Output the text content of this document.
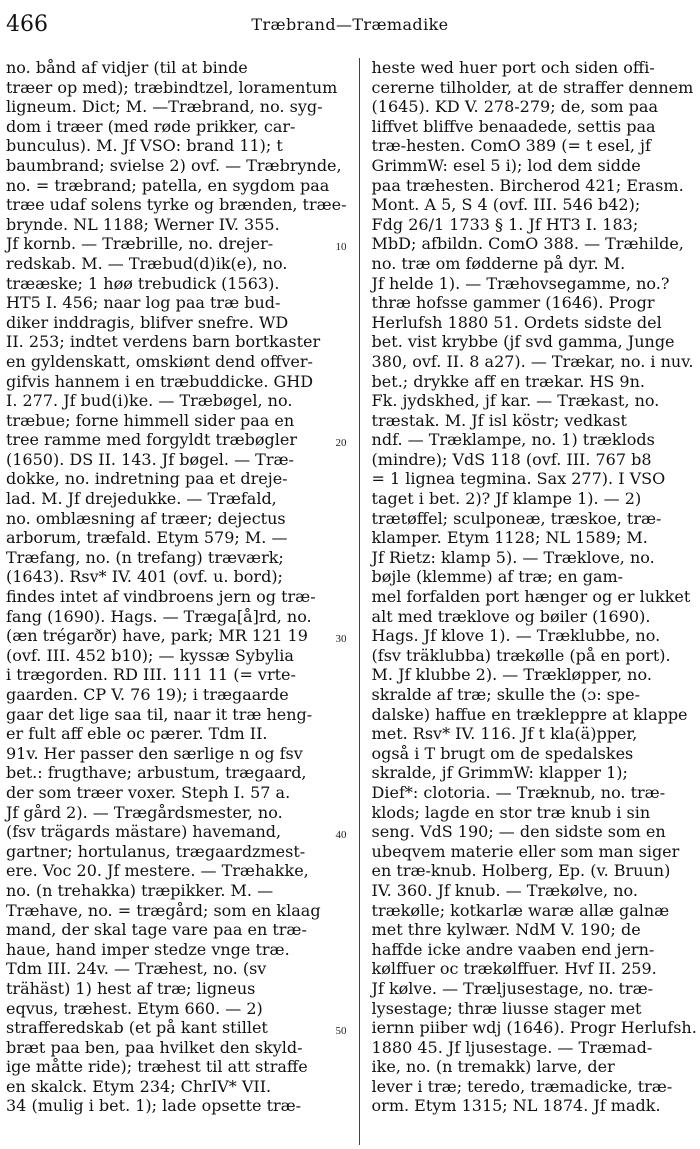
466	Træbrand—Træmadike
no. bånd af vidjer (til at binde
træer op med); træbindtzel, loramentum
ligneum. Dict; M. —Træbrand, no. syg-
dom i træer (med røde prikker, car-
bunculus). M. Jf VSO: brand 11); t
baumbrand; svielse 2) ovf. — Træbrynde,
no. = træbrand; patella, en sygdom paa
træe udaf solens tyrke og brænden, træe-
brynde. NL 1188; Werner IV. 355.
Jf kornb. — Træbrille, no. drejer-
redskab. M. — Træbud(d)ik(e), no.
trææske; 1 høø trebudick (1563).
HT5 I. 456; naar log paa træ bud-
diker inddragis, blifver snefre. WD
II. 253; indtet verdens barn bortkaster
en gyldenskatt, omskiønt dend offver-
gifvis hannem i en træbuddicke. GHD
I. 277. Jf bud(i)ke. — Træbøgel, no.
træbue; forne himmell sider paa en
tree ramme med forgyldt træbøgler
(1650). DS II. 143. Jf bøgel. — Træ-
dokke, no. indretning paa et dreje-
lad. M. Jf drejedukke. — Træfald,
no. omblæsning af træer; dejectus
arborum, træfald. Etym 579; M. —
Træfang, no. (n trefang) træværk;
(1643). Rsv* IV. 401 (ovf. u. bord);
findes intet af vindbroens jern og træ-
fang (1690). Hags. — Træga[å]rd, no.
(æn trégarðr) have, park; MR 121 19
(ovf. III. 452 b10); — kyssæ Sybylia
i trægorden. RD III. 111 11 (= vrte-
gaarden. CP V. 76 19); i trægaarde
gaar det lige saa til, naar it træ heng-
er fult aff eble oc pærer. Tdm II.
91v. Her passer den særlige n og fsv
bet.: frugthave; arbustum, trægaard,
der som træer voxer. Steph I. 57 a.
Jf gård 2). — Trægårdsmester, no.
(fsv trägards mästare) havemand,
gartner; hortulanus, trægaardzmest-
ere. Voc 20. Jf mestere. — Træhakke,
no. (n trehakka) træpikker. M. —
Træhave, no. = trægård; som en klaag
mand, der skal tage vare paa en træ-
haue, hand imper stedze vnge træ.
Tdm III. 24v. — Træhest, no. (sv
trähäst) 1) hest af træ; ligneus
eqvus, træhest. Etym 660. — 2)
strafferedskab (et på kant stillet
bræt paa ben, paa hvilket den skyld-
ige måtte ride); træhest til att straffe
en skalck. Etym 234; ChrIV* VII.
34 (mulig i bet. 1); lade opsette træ-
10
20
30
40
50
heste wed huer port och siden offi-
cererne tilholder, at de straffer dennem
(1645). KD V. 278-279; de, som paa
liffvet bliffve benaadede, settis paa
træ-hesten. ComO 389 (= t esel, jf
GrimmW: esel 5 i); lod dem sidde
paa træhesten. Bircherod 421; Erasm.
Mont. A 5, S 4 (ovf. III. 546 b42);
Fdg 26/1 1733 § 1. Jf HT3 I. 183;
MbD; afbildn. ComO 388. — Træhilde,
no. træ om fødderne på dyr. M.
Jf helde 1). — Træhovsegamme, no.?
thræ hofsse gammer (1646). Progr
Herlufsh 1880 51. Ordets sidste del
bet. vist krybbe (jf svd gamma, Junge
380, ovf. II. 8 a27). — Trækar, no. i nuv.
bet.; drykke aff en trækar. HS 9n.
Fk. jydskhed, jf kar. — Trækast, no.
træstak. M. Jf isl köstr; vedkast
ndf. — Træklampe, no. 1) træklods
(mindre); VdS 118 (ovf. III. 767 b8
= 1 lignea tegmina. Sax 277). I VSO
taget i bet. 2)? Jf klampe 1). — 2)
trætøffel; sculponeæ, træskoe, træ-
klamper. Etym 1128; NL 1589; M.
Jf Rietz: klamp 5). — Træklove, no.
bøjle (klemme) af træ; en gam-
mel forfalden port hænger og er lukket
alt med træklove og bøiler (1690).
Hags. Jf klove 1). — Træklubbe, no.
(fsv träklubba) trækølle (på en port).
M. Jf klubbe 2). — Trækløpper, no.
skralde af træ; skulle the (ɔ: spe-
dalske) haffue en trækleppre at klappe
met. Rsv* IV. 116. Jf t kla(ä)pper,
også i T brugt om de spedalskes
skralde, jf GrimmW: klapper 1);
Dief*: clotoria. — Træknub, no. træ-
klods; lagde en stor træ knub i sin
seng. VdS 190; — den sidste som en
ubeqvem materie eller som man siger
en træ-knub. Holberg, Ep. (v. Bruun)
IV. 360. Jf knub. — Trækølve, no.
trækølle; kotkarlæ waræ allæ galnæ
met thre kylwær. NdM V. 190; de
haffde icke andre vaaben end jern-
kølffuer oc trækølffuer. Hvf II. 259.
Jf kølve. — Træljusestage, no. træ-
lysestage; thræ liusse stager met
iernn piiber wdj (1646). Progr Herlufsh.
1880 45. Jf ljusestage. — Træmad-
ike, no. (n tremakk) larve, der
lever i træ; teredo, træmadicke, træ-
orm. Etym 1315; NL 1874. Jf madk.
